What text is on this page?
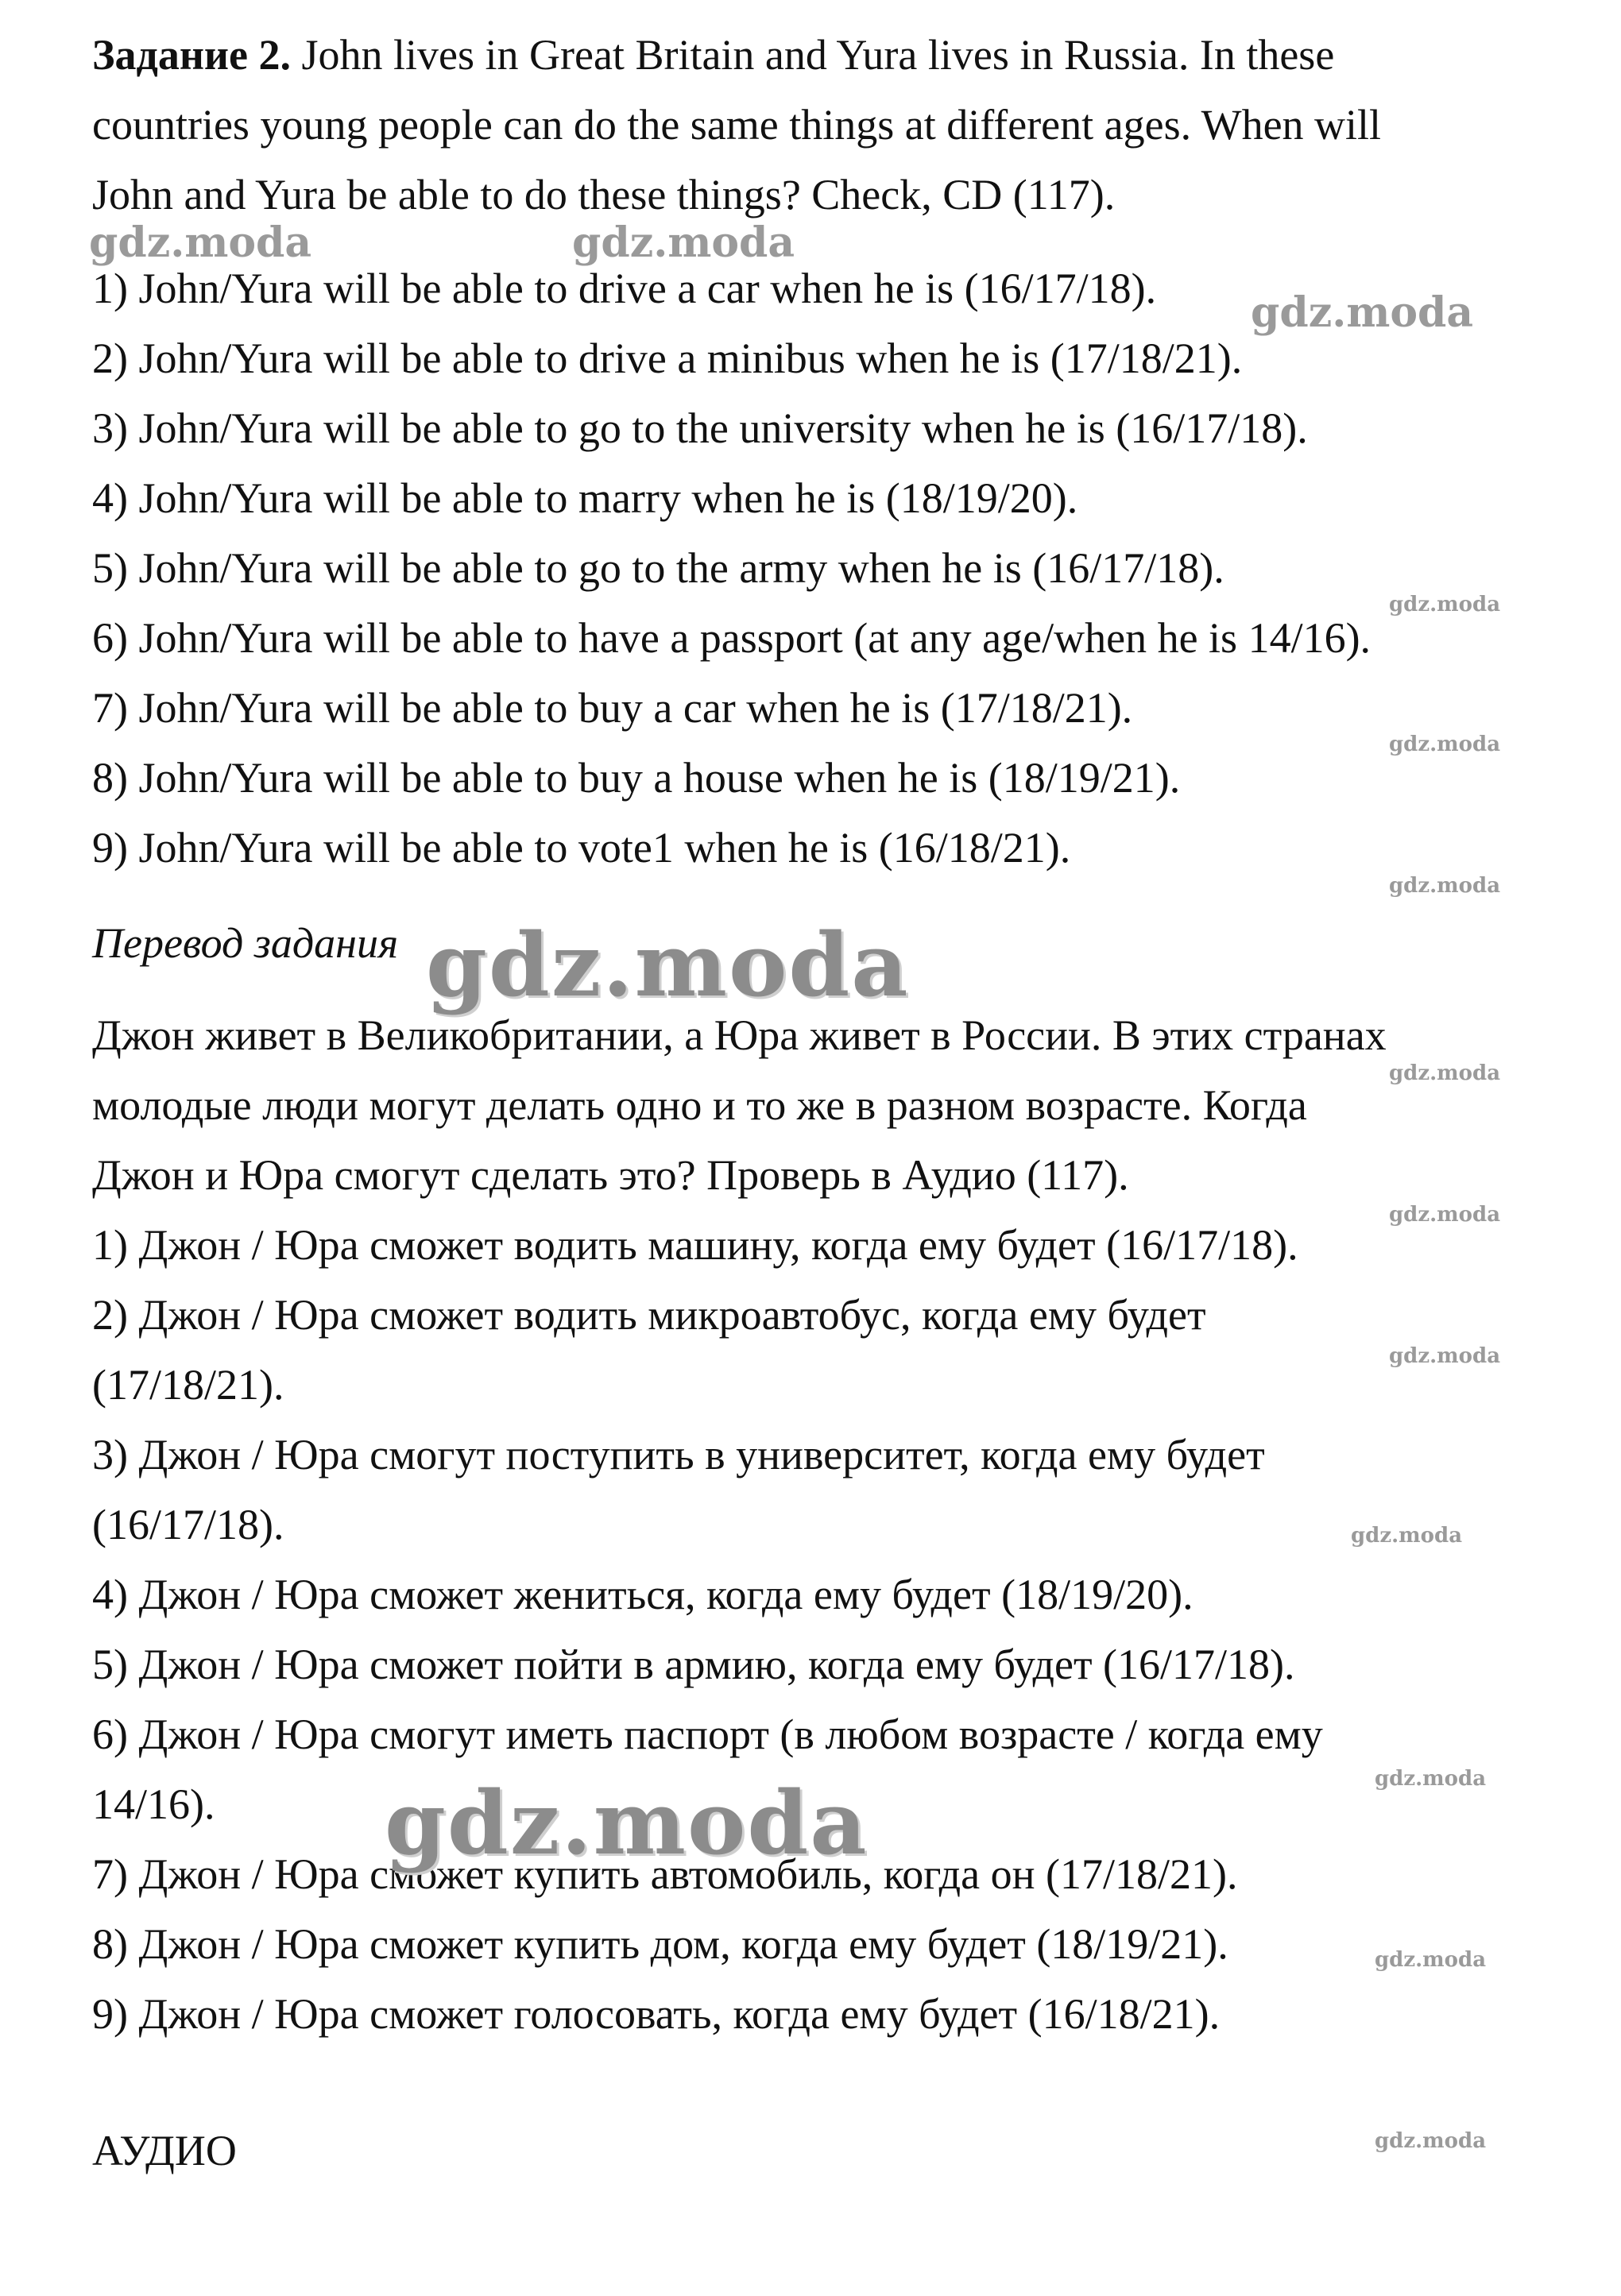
Задание 2. John lives in Great Britain and Yura lives in Russia. In these
countries young people can do the same things at different ages. When will
John and Yura be able to do these things? Check, CD (117).
1) John/Yura will be able to drive a car when he is (16/17/18).
2) John/Yura will be able to drive a minibus when he is (17/18/21).
3) John/Yura will be able to go to the university when he is (16/17/18).
4) John/Yura will be able to marry when he is (18/19/20).
5) John/Yura will be able to go to the army when he is (16/17/18).
6) John/Yura will be able to have a passport (at any age/when he is 14/16).
7) John/Yura will be able to buy a car when he is (17/18/21).
8) John/Yura will be able to buy a house when he is (18/19/21).
9) John/Yura will be able to vote1 when he is (16/18/21).
Перевод задания
Джон живет в Великобритании, а Юра живет в России. В этих странах
молодые люди могут делать одно и то же в разном возрасте. Когда
Джон и Юра смогут сделать это? Проверь в Аудио (117).
1) Джон / Юра сможет водить машину, когда ему будет (16/17/18).
2) Джон / Юра сможет водить микроавтобус, когда ему будет
(17/18/21).
3) Джон / Юра смогут поступить в университет, когда ему будет
(16/17/18).
4) Джон / Юра сможет жениться, когда ему будет (18/19/20).
5) Джон / Юра сможет пойти в армию, когда ему будет (16/17/18).
6) Джон / Юра смогут иметь паспорт (в любом возрасте / когда ему
14/16).
7) Джон / Юра сможет купить автомобиль, когда он (17/18/21).
8) Джон / Юра сможет купить дом, когда ему будет (18/19/21).
9) Джон / Юра сможет голосовать, когда ему будет (16/18/21).
АУДИО
gdz.moda	gdz.moda
gdz.moda
gdz.moda
gdz.moda
gdz.moda
gdz.moda
gdz.moda
gdz.moda
gdz.moda
gdz.moda
gdz.moda
gdz.moda
gdz.moda
gdz.moda
